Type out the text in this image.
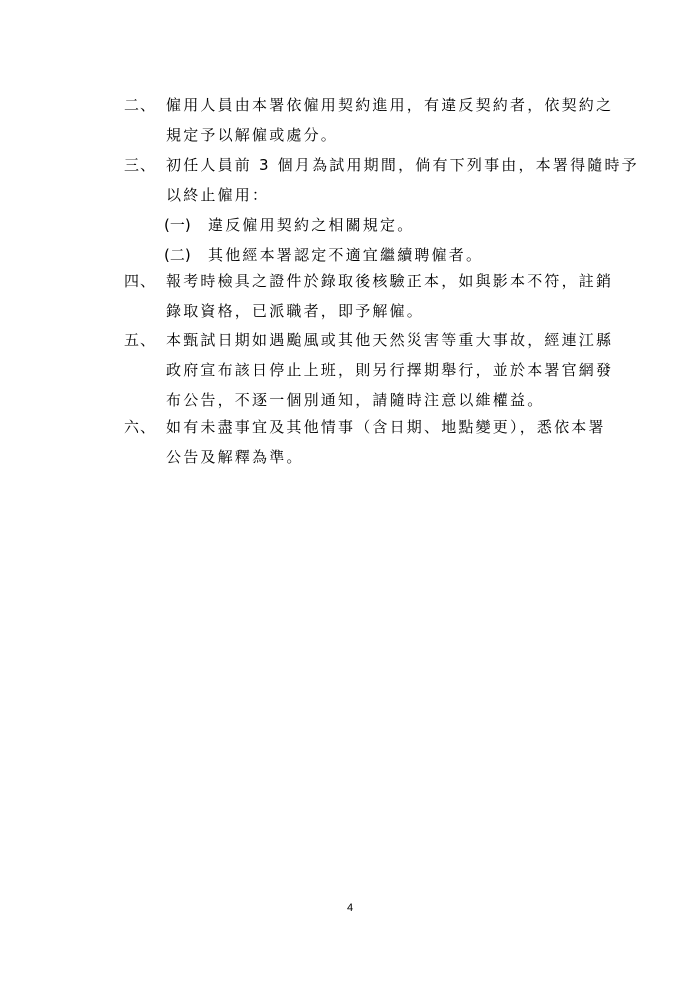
二、 僱用人員由本署依僱用契約進用，有違反契約者，依契約之
規定予以解僱或處分。
三、 初任人員前 3 個月為試用期間，倘有下列事由，本署得隨時予
以終止僱用：
(一) 違反僱用契約之相關規定。
(二) 其他經本署認定不適宜繼續聘僱者。
四、 報考時檢具之證件於錄取後核驗正本，如與影本不符，註銷
錄取資格，已派職者，即予解僱。
五、 本甄試日期如遇颱風或其他天然災害等重大事故，經連江縣
政府宣布該日停止上班，則另行擇期舉行，並於本署官網發
布公告，不逐一個別通知，請隨時注意以維權益。
六、 如有未盡事宜及其他情事（含日期、地點變更），悉依本署
公告及解釋為準。
4
